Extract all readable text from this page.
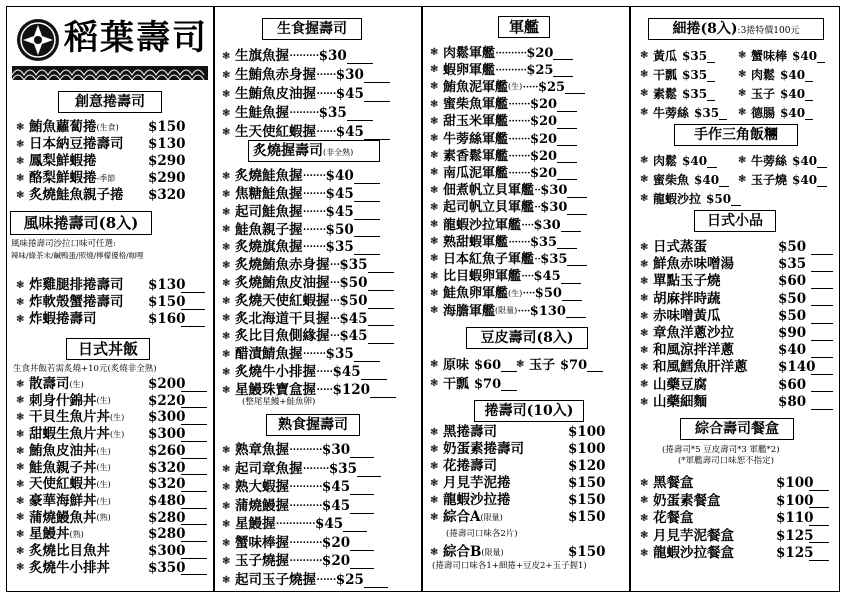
稻葉壽司
創意捲壽司
❃ 鮪魚蘿蔔捲 (生食) $150
❃ 日本納豆捲壽司 $130
❃ 鳳梨鮮蝦捲	$290
❃ 酪梨鮮蝦捲 -季節 $290
❃ 炙燒鮭魚親子捲 $320
風味捲壽司(8入)
風味捲壽司沙拉口味可任選:
辣味/綠茶末/鹹鴨蛋/照燒/檸檬優格/咖哩
❃ 炸雞腿排捲壽司 $130
❃ 炸軟殼蟹捲壽司 $150
❃ 炸蝦捲壽司	$160
日式丼飯
生食丼飯若需炙燒+10元(炙燒非全熟)
❃ 散壽司 (生)	$200
❃ 刺身什錦丼 (生)	$220
❃ 干貝生魚片丼 (生) $300
❃ 甜蝦生魚片丼 (生) $300
❃ 鮪魚皮油丼 (生)	$260
❃ 鮭魚親子丼 (生)	$320
❃ 天使紅蝦丼 (生)	$320
❃ 豪華海鮮丼 (生)	$480
❃ 蒲燒鰻魚丼 (熟)	$280
❃ 星鰻丼 (熟)	$280
❃ 炙燒比目魚丼	$300
❃ 炙燒牛小排丼	$350
生食握壽司
❃ 生旗魚握 ········· $30
❃ 生鮪魚赤身握 ······ $30
❃ 生鮪魚皮油握 ······ $45
❃ 生鮭魚握 ········· $35
❃ 生天使紅蝦握 ······ $45
炙燒握壽司(非全熟)
❃ 炙燒鮭魚握 ······· $40
❃ 焦糖鮭魚握 ······· $45
❃ 起司鮭魚握 ······· $45
❃ 鮭魚親子握 ······· $50
❃ 炙燒旗魚握 ······· $35
❃ 炙燒鮪魚赤身握 ··· $35
❃ 炙燒鮪魚皮油握 ··· $50
❃ 炙燒天使紅蝦握 ··· $50
❃ 炙北海道干貝握 ··· $45
❃ 炙比目魚側緣握 ··· $45
❃ 醋漬鯖魚握 ······· $35
❃ 炙燒牛小排握 ····· $45
❃ 星鰻珠寶盒握 ····· $120
(整尾星鰻+鮭魚卵)
熟食握壽司
❃ 熟章魚握 ·········· $30
❃ 起司章魚握 ········ $35
❃ 熟大蝦握 ·········· $45
❃ 蒲燒鰻握 ·········· $45
❃ 星鰻握 ············ $45
❃ 蟹味棒握 ·········· $20
❃ 玉子燒握 ·········· $20
❃ 起司玉子燒握 ······ $25
軍艦
❃ 肉鬆軍艦 ·········· $20
❃ 蝦卵軍艦 ·········· $25
❃ 鮪魚泥軍艦 (生) ····· $25
❃ 蜜柴魚軍艦 ······· $20
❃ 甜玉米軍艦 ······· $20
❃ 牛蒡絲軍艦 ······· $20
❃ 素香鬆軍艦 ······· $20
❃ 南瓜泥軍艦 ······· $20
❃ 佃煮帆立貝軍艦 ·· $30
❃ 起司帆立貝軍艦 ·· $30
❃ 龍蝦沙拉軍艦 ···· $30
❃ 熟甜蝦軍艦 ······· $35
❃ 日本紅魚子軍艦 ·· $35
❃ 比目蝦卵軍艦 ···· $45
❃ 鮭魚卵軍艦 (生) ···· $50
❃ 海膽軍艦 (限量) ···· $130
豆皮壽司(8入)
❃ 原味 $60 ❃ 玉子 $70
❃ 干瓢 $70
捲壽司(10入)
❃ 黑捲壽司	$100
❃ 奶蛋素捲壽司	$100
❃ 花捲壽司	$120
❃ 月見芋泥捲	$150
❃ 龍蝦沙拉捲	$150
❃ 綜合A (限量)	$150
❃ 綜合B (限量)	$150
(捲壽司口味各2片)
(捲壽司口味各1+細捲+豆皮2+玉子握1)
細捲(8入):3捲特價100元
❃ 黃瓜 $35	❃ 蟹味棒 $40
❃ 干瓢 $35	❃ 肉鬆 $40
❃ 素鬆 $35	❃ 玉子 $40
❃ 牛蒡絲 $35 ❃ 德腸 $40
手作三角飯糰
❃ 肉鬆 $40	❃ 牛蒡絲 $40
❃ 蜜柴魚 $40 ❃ 玉子燒 $40
❃ 龍蝦沙拉 $50
日式小品
❃ 日式蒸蛋	$50
❃ 鮮魚赤味噌湯	$35
❃ 單點玉子燒	$60
❃ 胡麻拌時蔬	$50
❃ 赤味噌黃瓜	$50
❃ 章魚洋蔥沙拉	$90
❃ 和風涼拌洋蔥	$40
❃ 和風鱈魚肝洋蔥 $140
❃ 山藥豆腐	$60
❃ 山藥細麵	$80
綜合壽司餐盒
(捲壽司*5 豆皮壽司*3 軍艦*2)
(*軍艦壽司口味恕不指定)
❃ 黑餐盒	$100
❃ 奶蛋素餐盒	$100
❃ 花餐盒	$110
❃ 月見芋泥餐盒	$125
❃ 龍蝦沙拉餐盒	$125
